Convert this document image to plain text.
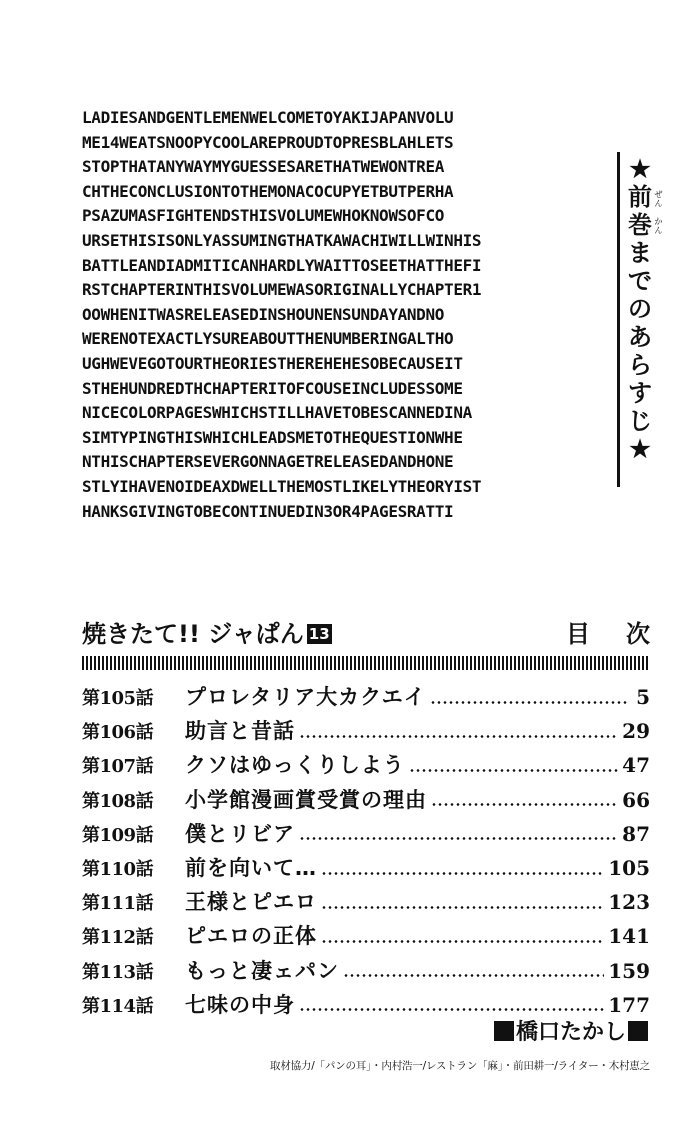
LADIESANDGENTLEMENWELCOMETOYAKIJAPANVOLU
ME14WEATSNOOPYCOOLAREPROUDTOPRESBLAHLETS
STOPTHATANYWAYMYGUESSESARETHATWEWONTREA
CHTHECONCLUSIONTOTHEMONACOCUPYETBUTPERHA
PSAZUMASFIGHTENDSTHISVOLUMEWHOKNOWSOFCO
URSETHISISONLYASSUMINGTHATKAWACHIWILLWINHIS
BATTLEANDIADMITICANHARDLYWAITTOSEETHATTHEFI
RSTCHAPTERINTHISVOLUMEWASORIGINALLYCHAPTER1
OOWHENITWASRELEASEDINSHOUNENSUNDAYANDNO
WERENOTEXACTLYSUREABOUTTHENUMBERINGALTHO
UGHWEVEGOTOURTHEORIESTHEREHEHESOBECAUSEIT
STHEHUNDREDTHCHAPTERITOFCOUSEINCLUDESSOME
NICECOLORPAGESWHICHSTILLHAVETOBESCANNEDINA
SIMTYPINGTHISWHICHLEADSMETOTHEQUESTIONWHE
NTHISCHAPTERSEVERGONNAGETRELEASEDANDHONE
STLYIHAVENOIDEAXDWELLTHEMOSTLIKELYTHEORYIST
HANKSGIVINGTOBECONTINUEDIN3OR4PAGESRATTI
★
前
巻
ま
で
の
あ
ら
す
じ
★
ぜん
かん
焼きたて!! ジャぱん 13	目次
第105話	プロレタリア大カクエイ	5
第106話	助言と昔話	29
第107話	クソはゆっくりしよう	47
第108話	小学館漫画賞受賞の理由	66
第109話	僕とリビア	87
第110話	前を向いて…	105
第111話	王様とピエロ	123
第112話	ピエロの正体	141
第113話	もっと凄ェパン	159
第114話	七味の中身	177
橋口たかし
取材協力/「パンの耳」・内村浩一/レストラン「麻」・前田耕一/ライター・木村恵之
